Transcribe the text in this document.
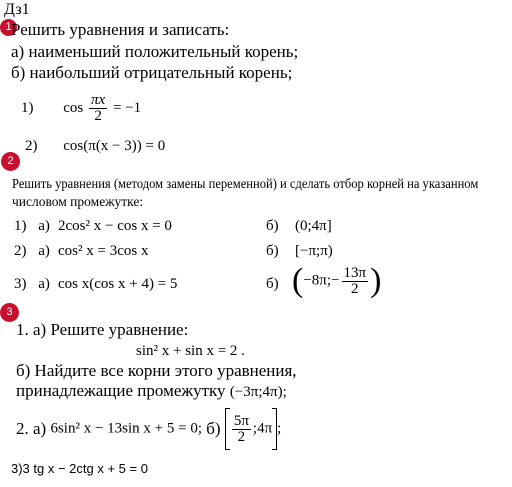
Дз1
1 Решить уравнения и записать:
а) наименьший положительный корень;
б) наибольший отрицательный корень;
1) $\cos \frac{\pi x}{2} = -1$
2) cos(π(x − 3)) = 0
2
Решить уравнения (методом замены переменной) и сделать отбор корней на указанном
числовом промежутке:
1) а) 2cos² x − cos x = 0	б) (0;4π]
2) а) cos² x = 3cos x	б) [−π;π)
3) а) cos x(cos x + 4) = 5	б) (−8π;− $\frac{13\pi}{2}$ )
3
1. а) Решите уравнение:
sin² x + sin x = 2 .
б) Найдите все корни этого уравнения,
принадлежащие промежутку (−3π;4π);
2. а) 6sin² x − 13sin x + 5 = 0; $б) \frac{5\pi}{2}$ ;4π ;
3)3 tg x − 2ctg x + 5 = 0
